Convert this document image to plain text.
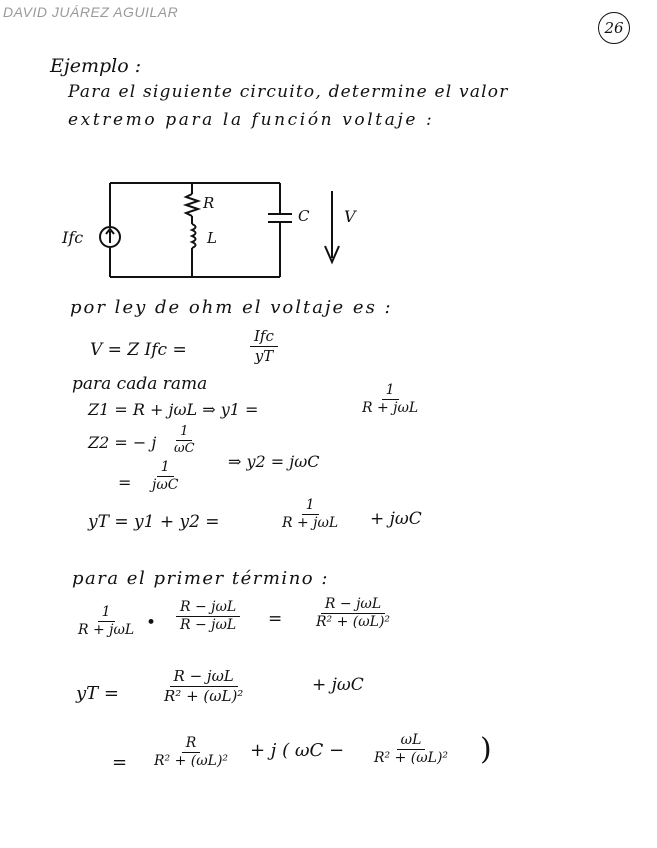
DAVID JUÁREZ AGUILAR
26
Ejemplo :
Para el siguiente circuito, determine el valor
extremo para la función voltaje :
Ifc
R
L
C V
por ley de ohm el voltaje es :
V = Z Ifc =
Ifc
yT
para cada rama
Z1 = R + jωL ⇒ y1 =
1
R + jωL
Z2 = − j $\frac{1}{\omega C}$
=
1
jωC
⇒ y2 = jωC
yT = y1 + y2 =
1
R + jωL + jωC
para el primer término :
1
R + jωL •
R − jωL
R − jωL =
R − jωL
R² + (ωL)²
yT =
R − jωL
R² + (ωL)²
+ jωC
= $\frac{R}{\text{R² + (ωL)²}} + j$ ( $\omega C - \frac{\omega L}{\text{R² + (ωL)²}}$ )
